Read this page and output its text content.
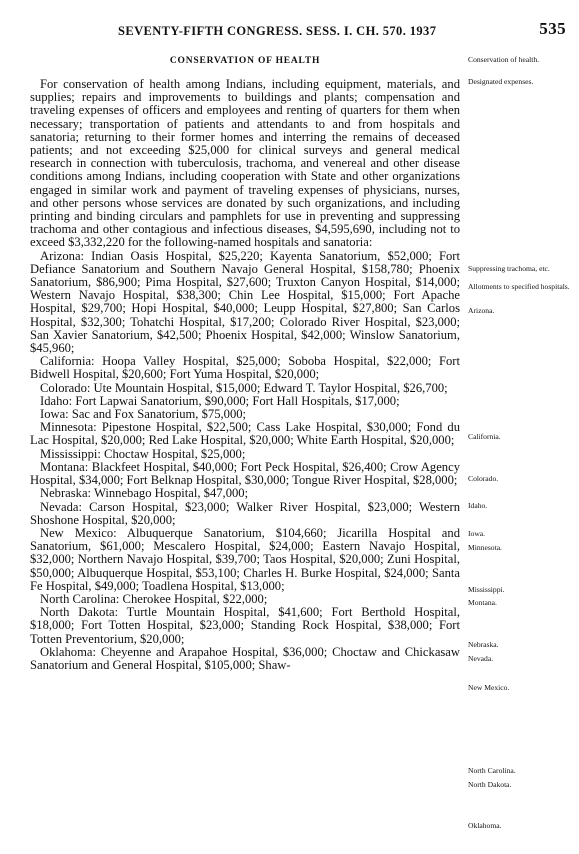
SEVENTY-FIFTH CONGRESS. SESS. I. CH. 570. 1937	535
CONSERVATION OF HEALTH

For conservation of health among Indians, including equipment, materials, and supplies; repairs and improvements to buildings and plants; compensation and traveling expenses of officers and employees and renting of quarters for them when necessary; transportation of patients and attendants to and from hospitals and sanatoria; returning to their former homes and interring the remains of deceased patients; and not exceeding $25,000 for clinical surveys and general medical research in connection with tuberculosis, trachoma, and venereal and other disease conditions among Indians, including cooperation with State and other organizations engaged in similar work and payment of traveling expenses of physicians, nurses, and other persons whose services are donated by such organizations, and including printing and binding circulars and pamphlets for use in preventing and suppressing trachoma and other contagious and infectious diseases, $4,595,690, including not to exceed $3,332,220 for the following-named hospitals and sanatoria:

Arizona: Indian Oasis Hospital, $25,220; Kayenta Sanatorium, $52,000; Fort Defiance Sanatorium and Southern Navajo General Hospital, $158,780; Phoenix Sanatorium, $86,900; Pima Hospital, $27,600; Truxton Canyon Hospital, $14,000; Western Navajo Hospital, $38,300; Chin Lee Hospital, $15,000; Fort Apache Hospital, $29,700; Hopi Hospital, $40,000; Leupp Hospital, $27,800; San Carlos Hospital, $32,300; Tohatchi Hospital, $17,200; Colorado River Hospital, $23,000; San Xavier Sanatorium, $42,500; Phoenix Hospital, $42,000; Winslow Sanatorium, $45,960;

California: Hoopa Valley Hospital, $25,000; Soboba Hospital, $22,000; Fort Bidwell Hospital, $20,600; Fort Yuma Hospital, $20,000;

Colorado: Ute Mountain Hospital, $15,000; Edward T. Taylor Hospital, $26,700;

Idaho: Fort Lapwai Sanatorium, $90,000; Fort Hall Hospitals, $17,000;

Iowa: Sac and Fox Sanatorium, $75,000;

Minnesota: Pipestone Hospital, $22,500; Cass Lake Hospital, $30,000; Fond du Lac Hospital, $20,000; Red Lake Hospital, $20,000; White Earth Hospital, $20,000;

Mississippi: Choctaw Hospital, $25,000;

Montana: Blackfeet Hospital, $40,000; Fort Peck Hospital, $26,400; Crow Agency Hospital, $34,000; Fort Belknap Hospital, $30,000; Tongue River Hospital, $28,000;

Nebraska: Winnebago Hospital, $47,000;

Nevada: Carson Hospital, $23,000; Walker River Hospital, $23,000; Western Shoshone Hospital, $20,000;

New Mexico: Albuquerque Sanatorium, $104,660; Jicarilla Hospital and Sanatorium, $61,000; Mescalero Hospital, $24,000; Eastern Navajo Hospital, $32,000; Northern Navajo Hospital, $39,700; Taos Hospital, $20,000; Zuni Hospital, $50,000; Albuquerque Hospital, $53,100; Charles H. Burke Hospital, $24,000; Santa Fe Hospital, $49,000; Toadlena Hospital, $13,000;

North Carolina: Cherokee Hospital, $22,000;

North Dakota: Turtle Mountain Hospital, $41,600; Fort Berthold Hospital, $18,000; Fort Totten Hospital, $23,000; Standing Rock Hospital, $38,000; Fort Totten Preventorium, $20,000;

Oklahoma: Cheyenne and Arapahoe Hospital, $36,000; Choctaw and Chickasaw Sanatorium and General Hospital, $105,000; Shaw-

Conservation of health.
Designated expenses.
Suppressing trachoma, etc.
Allotments to specified hospitals.
Arizona.
California.
Colorado.
Idaho.
Iowa.
Minnesota.
Mississippi.
Montana.
Nebraska.
Nevada.
New Mexico.
North Carolina.
North Dakota.
Oklahoma.
